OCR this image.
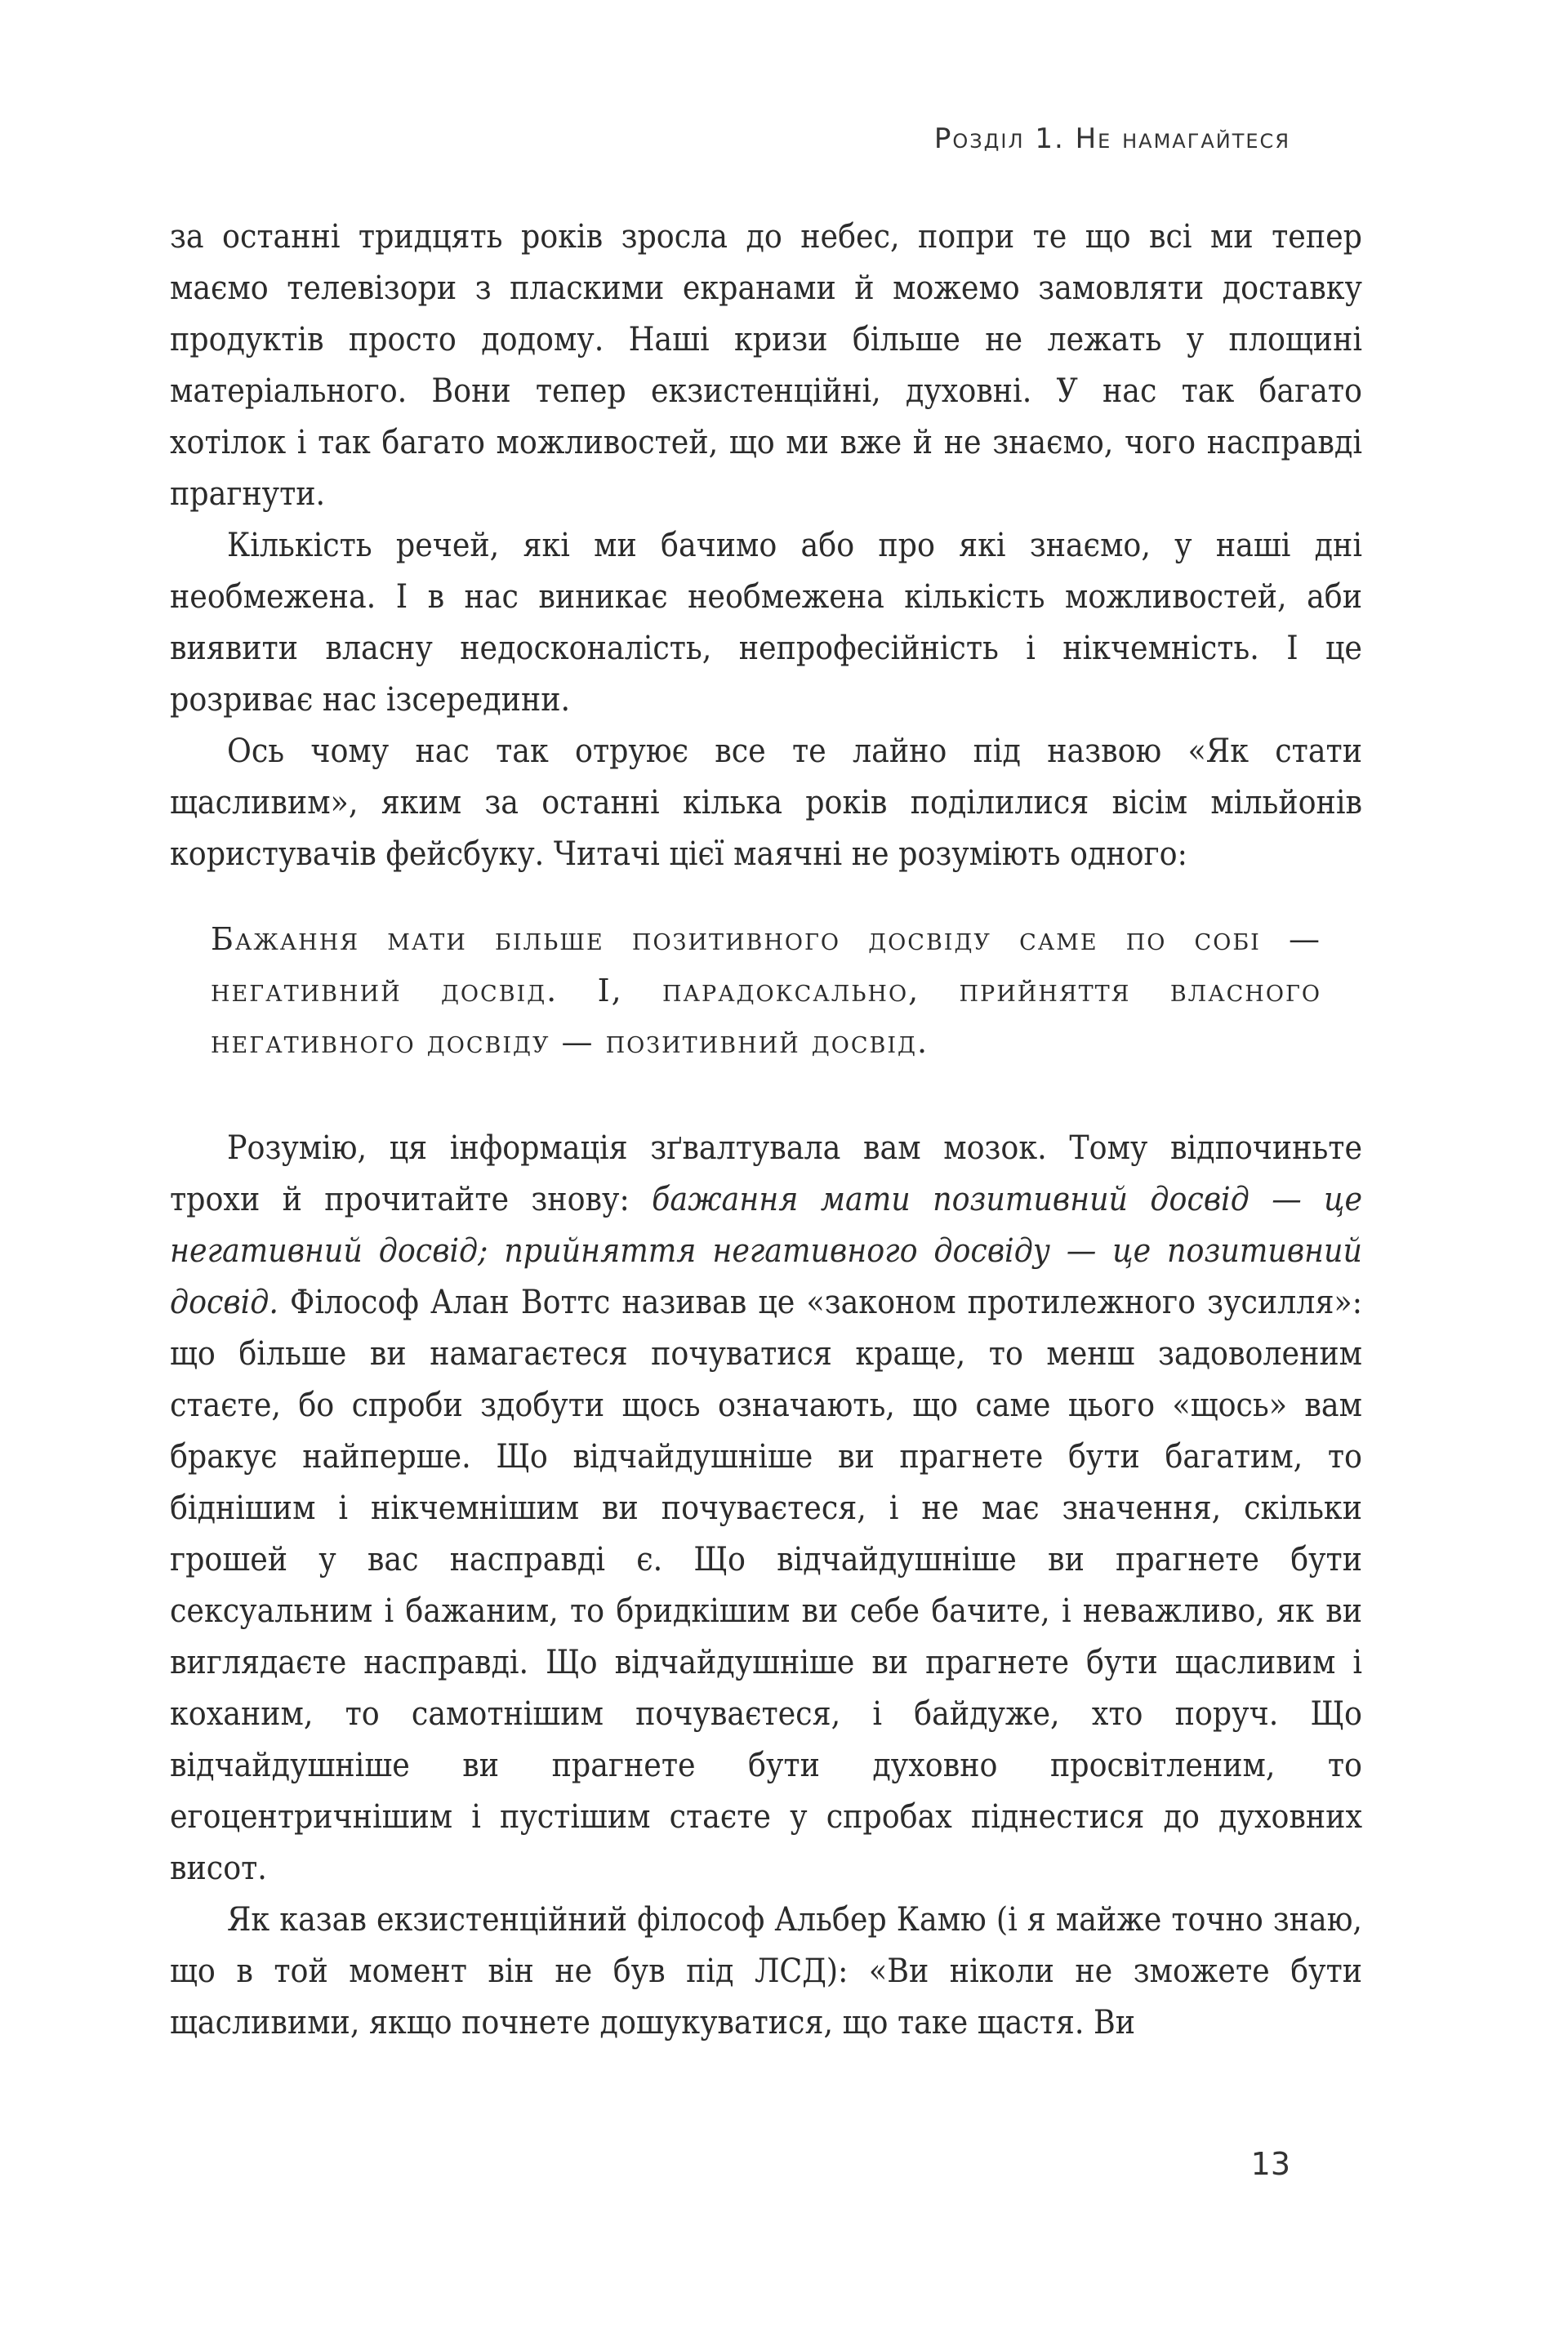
Розділ 1. Не намагайтеся

за останні тридцять років зросла до небес, попри те що всі ми тепер маємо телевізори з пласкими екранами й можемо замовляти доставку продуктів просто додому. Наші кризи більше не лежать у площині матеріального. Вони тепер екзистенційні, духовні. У нас так багато хотілок і так багато можливостей, що ми вже й не знаємо, чого насправді прагнути.

Кількість речей, які ми бачимо або про які знаємо, у наші дні необмежена. І в нас виникає необмежена кількість можливостей, аби виявити власну недосконалість, непрофесійність і нікчемність. І це розриває нас ізсередини.

Ось чому нас так отруює все те лайно під назвою «Як стати щасливим», яким за останні кілька років поділилися вісім мільйонів користувачів фейсбуку. Читачі цієї маячні не розуміють одного:

Бажання мати більше позитивного досвіду саме по собі — негативний досвід. І, парадоксально, прийняття власного негативного досвіду — позитивний досвід.

Розумію, ця інформація зґвалтувала вам мозок. Тому відпочиньте трохи й прочитайте знову: бажання мати позитивний досвід — це негативний досвід; прийняття негативного досвіду — це позитивний досвід. Філософ Алан Воттс називав це «законом протилежного зусилля»: що більше ви намагаєтеся почуватися краще, то менш задоволеним стаєте, бо спроби здобути щось означають, що саме цього «щось» вам бракує найперше. Що відчайдушніше ви прагнете бути багатим, то біднішим і нікчемнішим ви почуваєтеся, і не має значення, скільки грошей у вас насправді є. Що відчайдушніше ви прагнете бути сексуальним і бажаним, то бридкішим ви себе бачите, і неважливо, як ви виглядаєте насправді. Що відчайдушніше ви прагнете бути щасливим і коханим, то самотнішим почуваєтеся, і байдуже, хто поруч. Що відчайдушніше ви прагнете бути духовно просвітленим, то егоцентричнішим і пустішим стаєте у спробах піднестися до духовних висот.

Як казав екзистенційний філософ Альбер Камю (і я майже точно знаю, що в той момент він не був під ЛСД): «Ви ніколи не зможете бути щасливими, якщо почнете дошукуватися, що таке щастя. Ви

13
